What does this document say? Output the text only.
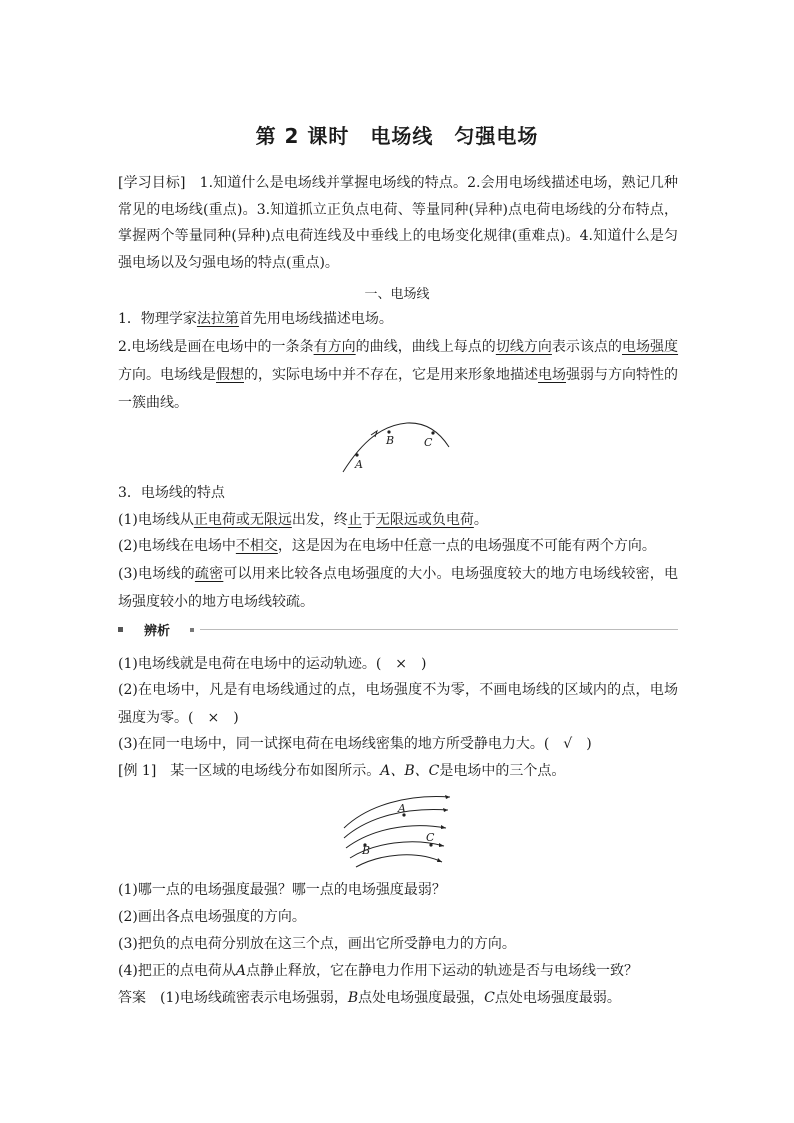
第 2 课时　电场线　匀强电场
[学习目标]　1.知道什么是电场线并掌握电场线的特点。2.会用电场线描述电场，熟记几种常见的电场线(重点)。3.知道抓立正负点电荷、等量同种(异种)点电荷电场线的分布特点，掌握两个等量同种(异种)点电荷连线及中垂线上的电场变化规律(重难点)。4.知道什么是匀强电场以及匀强电场的特点(重点)。
一、电场线
1．物理学家法拉第首先用电场线描述电场。
2.电场线是画在电场中的一条条有方向的曲线，曲线上每点的切线方向表示该点的电场强度方向。电场线是假想的，实际电场中并不存在，它是用来形象地描述电场强弱与方向特性的一簇曲线。
A
B	C
3．电场线的特点
(1)电场线从正电荷或无限远出发，终止于无限远或负电荷。
(2)电场线在电场中不相交，这是因为在电场中任意一点的电场强度不可能有两个方向。
(3)电场线的疏密可以用来比较各点电场强度的大小。电场强度较大的地方电场线较密，电场强度较小的地方电场线较疏。
辨析
(1)电场线就是电荷在电场中的运动轨迹。(　×　)
(2)在电场中，凡是有电场线通过的点，电场强度不为零，不画电场线的区域内的点，电场强度为零。(　×　)
(3)在同一电场中，同一试探电荷在电场线密集的地方所受静电力大。(　√　)
[例 1]　某一区域的电场线分布如图所示。A、B、C是电场中的三个点。
A
B
C
(1)哪一点的电场强度最强？哪一点的电场强度最弱？
(2)画出各点电场强度的方向。
(3)把负的点电荷分别放在这三个点，画出它所受静电力的方向。
(4)把正的点电荷从A点静止释放，它在静电力作用下运动的轨迹是否与电场线一致？
答案　(1)电场线疏密表示电场强弱，B点处电场强度最强，C点处电场强度最弱。
